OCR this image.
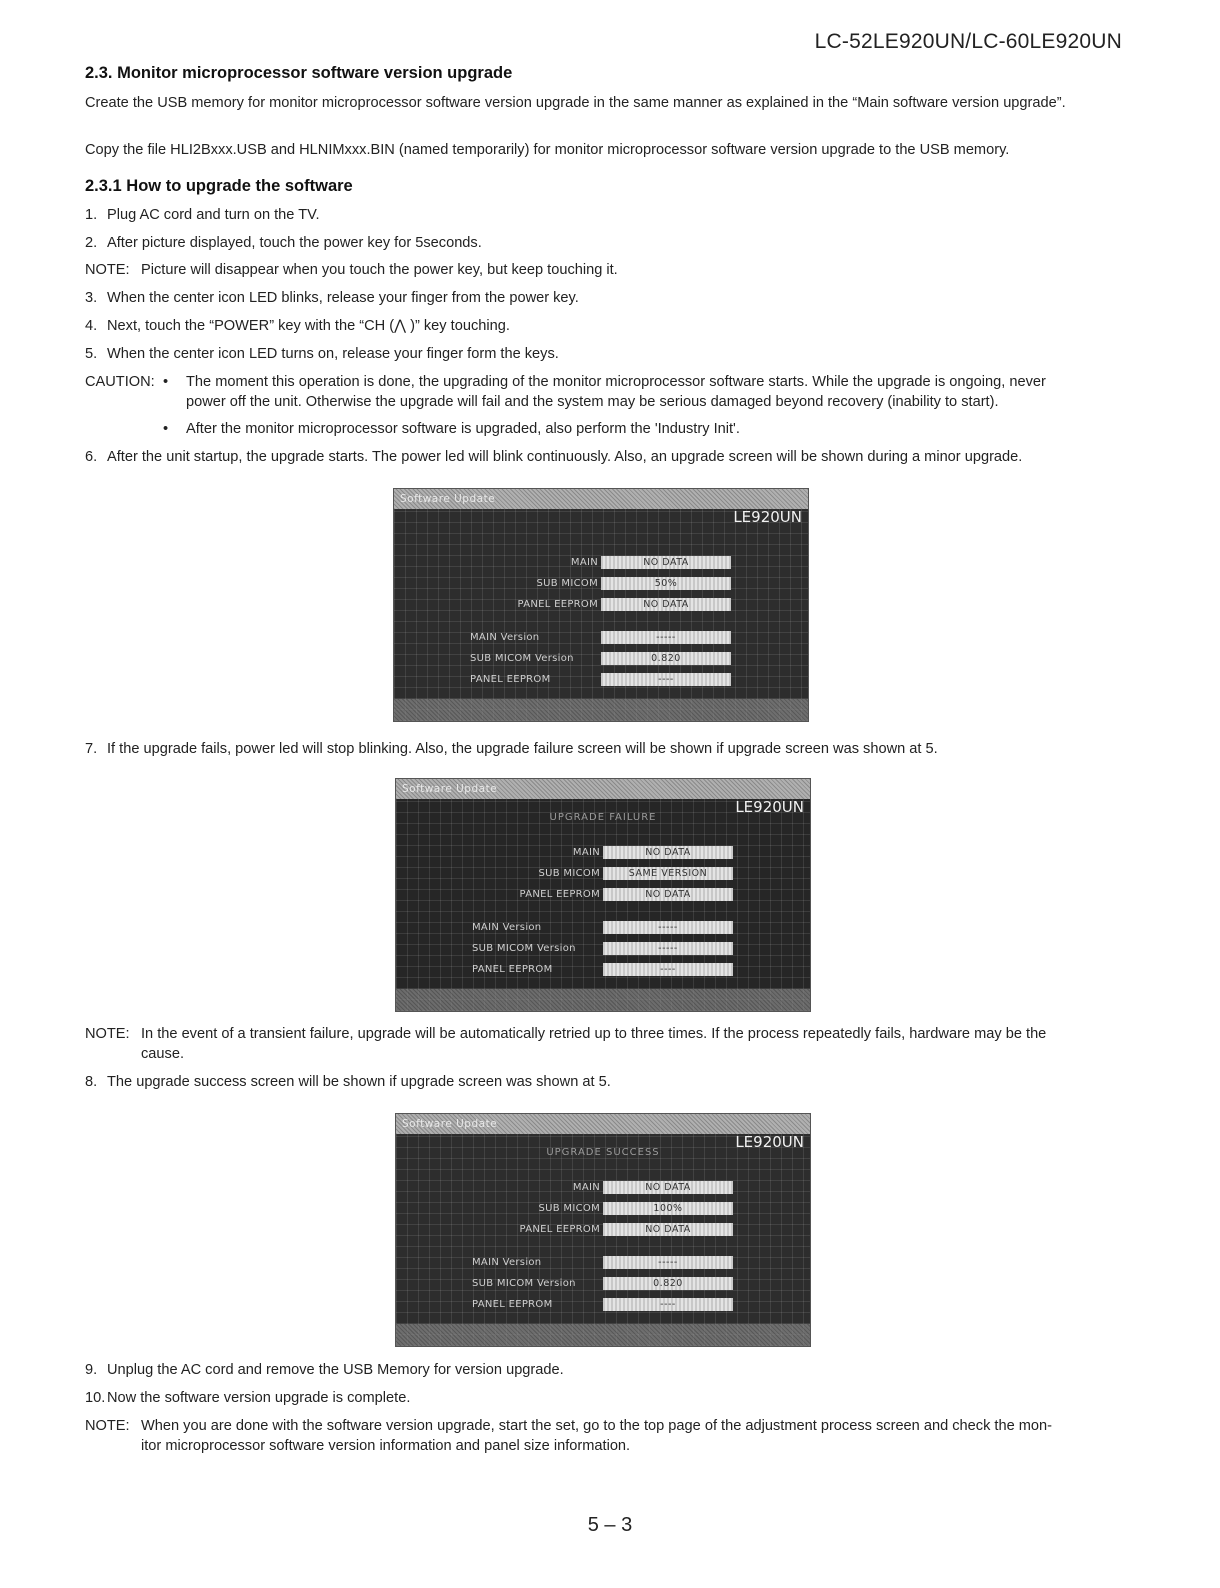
LC-52LE920UN/LC-60LE920UN
2.3. Monitor microprocessor software version upgrade
Create the USB memory for monitor microprocessor software version upgrade in the same manner as explained in the “Main software version upgrade”.
Copy the file HLI2Bxxx.USB and HLNIMxxx.BIN (named temporarily) for monitor microprocessor software version upgrade to the USB memory.
2.3.1 How to upgrade the software
1. Plug AC cord and turn on the TV.
2. After picture displayed, touch the power key for 5seconds.
NOTE: Picture will disappear when you touch the power key, but keep touching it.
3. When the center icon LED blinks, release your finger from the power key.
4. Next, touch the “POWER” key with the “CH (⋀ )” key touching.
5. When the center icon LED turns on, release your finger form the keys.
CAUTION: • The moment this operation is done, the upgrading of the monitor microprocessor software starts. While the upgrade is ongoing, never
power off the unit. Otherwise the upgrade will fail and the system may be serious damaged beyond recovery (inability to start).
• After the monitor microprocessor software is upgraded, also perform the 'Industry Init'.
6. After the unit startup, the upgrade starts. The power led will blink continuously. Also, an upgrade screen will be shown during a minor upgrade.
Software Update
LE920UN
MAIN	NO DATA
SUB MICOM	50%
PANEL EEPROM	NO DATA
MAIN Version	-----
SUB MICOM Version	0.820
PANEL EEPROM	----
7. If the upgrade fails, power led will stop blinking. Also, the upgrade failure screen will be shown if upgrade screen was shown at 5.
Software Update
LE920UN
UPGRADE FAILURE
MAIN	NO DATA
SUB MICOM	SAME VERSION
PANEL EEPROM	NO DATA
MAIN Version	-----
SUB MICOM Version	-----
PANEL EEPROM	----
NOTE: In the event of a transient failure, upgrade will be automatically retried up to three times. If the process repeatedly fails, hardware may be the
cause.
8. The upgrade success screen will be shown if upgrade screen was shown at 5.
Software Update
LE920UN
UPGRADE SUCCESS
MAIN	NO DATA
SUB MICOM	100%
PANEL EEPROM	NO DATA
MAIN Version	-----
SUB MICOM Version	0.820
PANEL EEPROM	----
9. Unplug the AC cord and remove the USB Memory for version upgrade.
10. Now the software version upgrade is complete.
NOTE: When you are done with the software version upgrade, start the set, go to the top page of the adjustment process screen and check the mon-
itor microprocessor software version information and panel size information.
5 – 3
